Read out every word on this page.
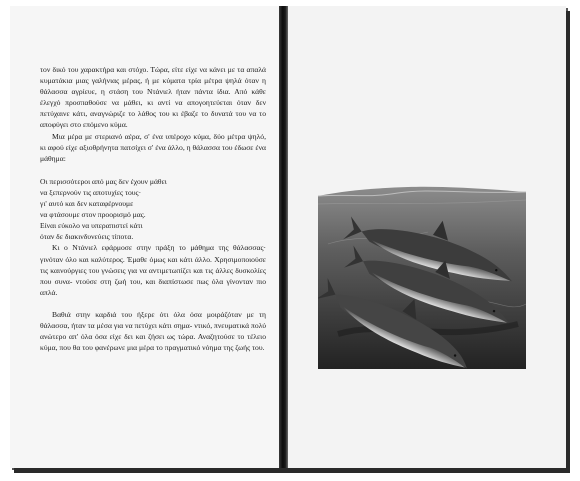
τον δικό του χαρακτήρα και στόχο. Τώρα, είτε είχε να κάνει με τα απαλά κυματάκια μιας γαλήνιας μέρας, ή με κύματα τρία μέτρα ψηλά όταν η θάλασσα αγρίευε, η στάση του Ντάνιελ ήταν πάντα ίδια. Από κάθε έλεγχό προσπαθούσε να μάθει, κι αντί να απογοητεύεται όταν δεν πετύχαινε κάτι, αναγνώριζε το λάθος του κι έβαζε το δυνατά του να το αποφύγει στο επόμενο κύμα.

Μια μέρα με στεριανό αέρα, σ' ένα υπέροχο κύμα, δύο μέτρα ψηλό, κι αφού είχε αξιοθρήνητα πατσίχει σ' ένα άλλο, η θάλασσα του έδωσε ένα μάθημα:

Οι περισσότεροι από μας δεν έχουν μάθει
να ξεπερνούν τις αποτυχίες τους·
γι' αυτό και δεν καταφέρνουμε
να φτάσουμε στον προορισμό μας.
Είναι εύκολο να υπεραπιστεί κάτι
όταν δε διακινδυνεύεις τίποτα.

Κι ο Ντάνιελ εφάρμοσε στην πράξη το μάθημα της θάλασσας· γινόταν όλο και καλύτερος. Έμαθε όμως και κάτι άλλο. Χρησιμοποιούσε τις καινούργιες του γνώσεις για να αντιμετωπίζει και τις άλλες δυσκολίες που συνα- ντούσε στη ζωή του, και διαπίστωσε πως όλα γίνονταν πιο απλά.

Βαθιά στην καρδιά του ήξερε ότι όλα όσα μοιράζόταν με τη θάλασσα, ήταν τα μέσα για να πετύχει κάτι σημα- ντικό, πνευματικά πολύ ανώτερο απ' όλα όσα είχε δει και ζήσει ως τώρα. Αναζητούσε το τέλειο κύμα, που θα του φανέρωνε μια μέρα το πραγματικό νόημα της ζωής του.
